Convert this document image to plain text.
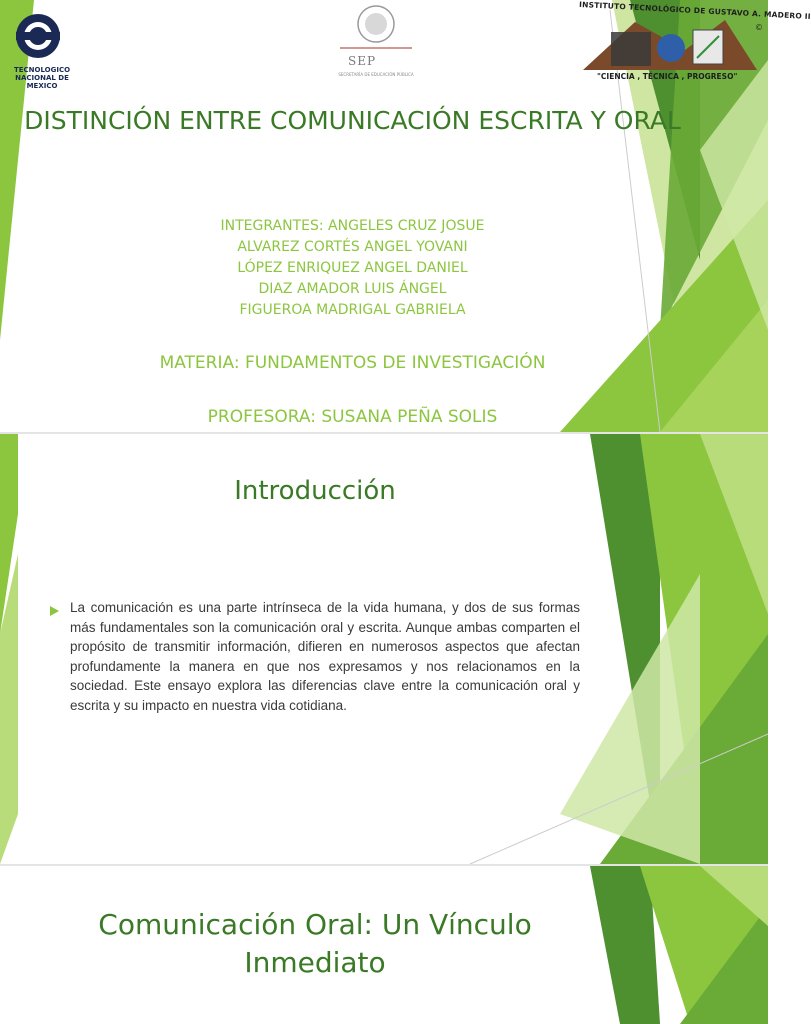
TECNOLOGICO
NACIONAL DE MEXICO
SEP
SECRETARÍA DE EDUCACIÓN PÚBLICA
INSTITUTO TECNOLÓGICO DE GUSTAVO A. MADERO II
©
"CIENCIA , TÉCNICA , PROGRESO"
DISTINCIÓN ENTRE COMUNICACIÓN ESCRITA Y ORAL
INTEGRANTES: ANGELES CRUZ JOSUE
ALVAREZ CORTÉS ANGEL YOVANI
LÓPEZ ENRIQUEZ ANGEL DANIEL
DIAZ AMADOR LUIS ÁNGEL
FIGUEROA MADRIGAL GABRIELA
MATERIA: FUNDAMENTOS DE INVESTIGACIÓN
PROFESORA: SUSANA PEÑA SOLIS
Introducción
La comunicación es una parte intrínseca de la vida humana, y dos de sus formas más fundamentales son la comunicación oral y escrita. Aunque ambas comparten el propósito de transmitir información, difieren en numerosos aspectos que afectan profundamente la manera en que nos expresamos y nos relacionamos en la sociedad. Este ensayo explora las diferencias clave entre la comunicación oral y escrita y su impacto en nuestra vida cotidiana.
Comunicación Oral: Un Vínculo Inmediato
